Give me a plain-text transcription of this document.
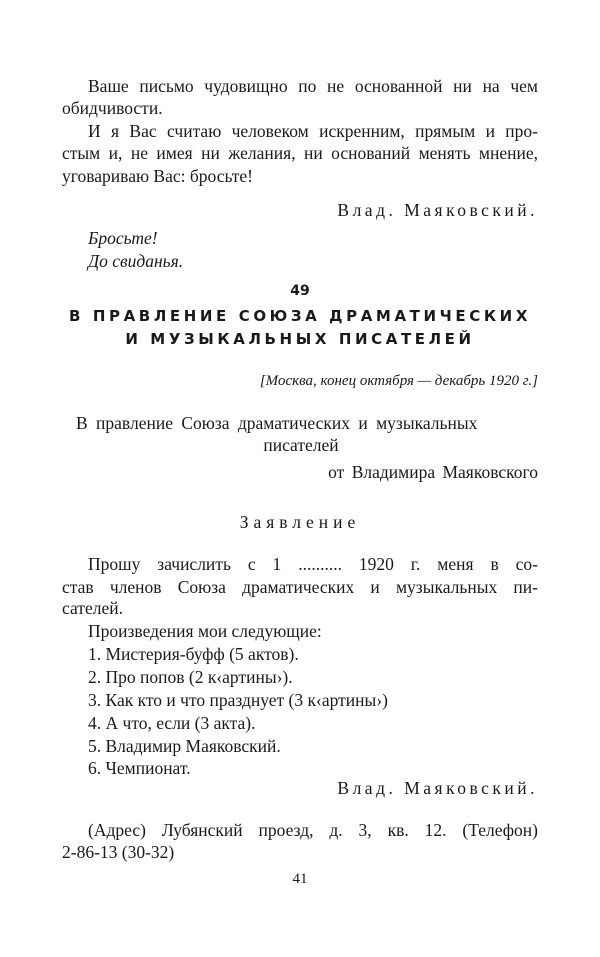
Ваше письмо чудовищно по не основанной ни на чем
обидчивости.
И я Вас считаю человеком искренним, прямым и про-
стым и, не имея ни желания, ни оснований менять мнение,
уговариваю Вас: бросьте!
Влад. Маяковский.
Бросьте!
До свиданья.
49
В ПРАВЛЕНИЕ СОЮЗА ДРАМАТИЧЕСКИХ
И МУЗЫКАЛЬНЫХ ПИСАТЕЛЕЙ
[Москва, конец октября — декабрь 1920 г.]
В правление Союза драматических и музыкальных
писателей
от Владимира Маяковского
Заявление
Прошу зачислить с 1 .......... 1920 г. меня в со-
став членов Союза драматических и музыкальных пи-
сателей.
Произведения мои следующие:
1. Мистерия-буфф (5 актов).
2. Про попов (2 к‹артины›).
3. Как кто и что празднует (3 к‹артины›)
4. А что, если (3 акта).
5. Владимир Маяковский.
6. Чемпионат.
Влад. Маяковский.
(Адрес) Лубянский проезд, д. 3, кв. 12. (Телефон)
2-86-13 (30-32)
41
